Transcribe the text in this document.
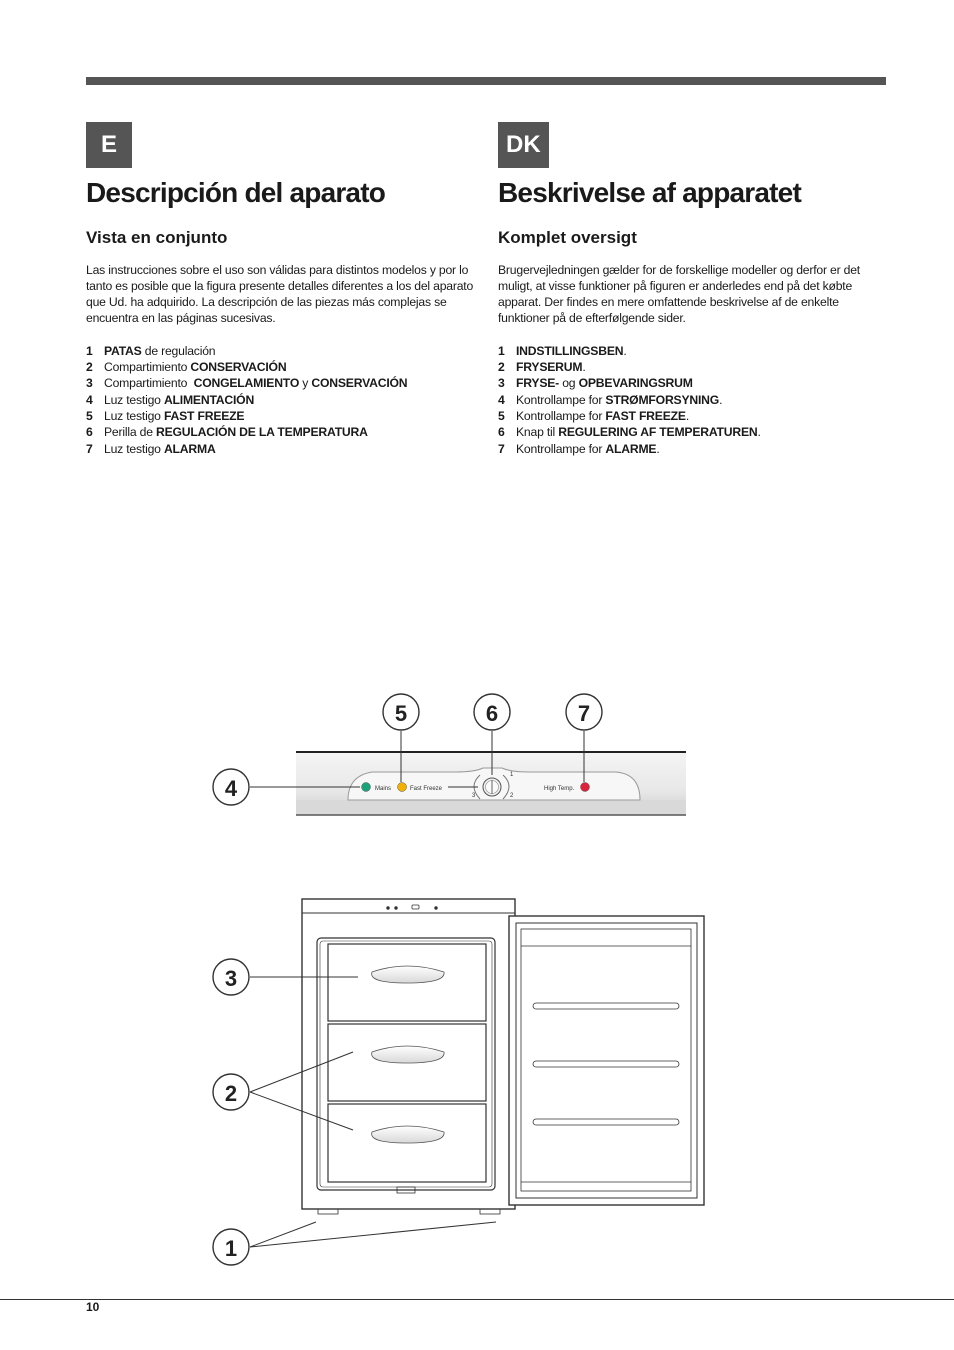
E
Descripción del aparato
Vista en conjunto

Las instrucciones sobre el uso son válidas para distintos modelos y por lo tanto es posible que la figura presente detalles diferentes a los del aparato que Ud. ha adquirido. La descripción de las piezas más complejas se encuentra en las páginas sucesivas.

1 PATAS de regulación
2 Compartimiento CONSERVACIÓN
3 Compartimiento  CONGELAMIENTO y CONSERVACIÓN
4 Luz testigo ALIMENTACIÓN
5 Luz testigo FAST FREEZE
6 Perilla de REGULACIÓN DE LA TEMPERATURA
7 Luz testigo ALARMA
DK
Beskrivelse af apparatet
Komplet oversigt

Brugervejledningen gælder for de forskellige modeller og derfor er det muligt, at visse funktioner på figuren er anderledes end på det købte apparat. Der findes en mere omfattende beskrivelse af de enkelte funktioner på de efterfølgende sider.

1 INDSTILLINGSBEN.
2 FRYSERUM.
3 FRYSE- og OPBEVARINGSRUM
4 Kontrollampe for STRØMFORSYNING.
5 Kontrollampe for FAST FREEZE.
6 Knap til REGULERING AF TEMPERATUREN.
7 Kontrollampe for ALARME.
Mains	Fast Freeze
1
2
3
High Temp.
4
5	6	7
3
2
1
10
